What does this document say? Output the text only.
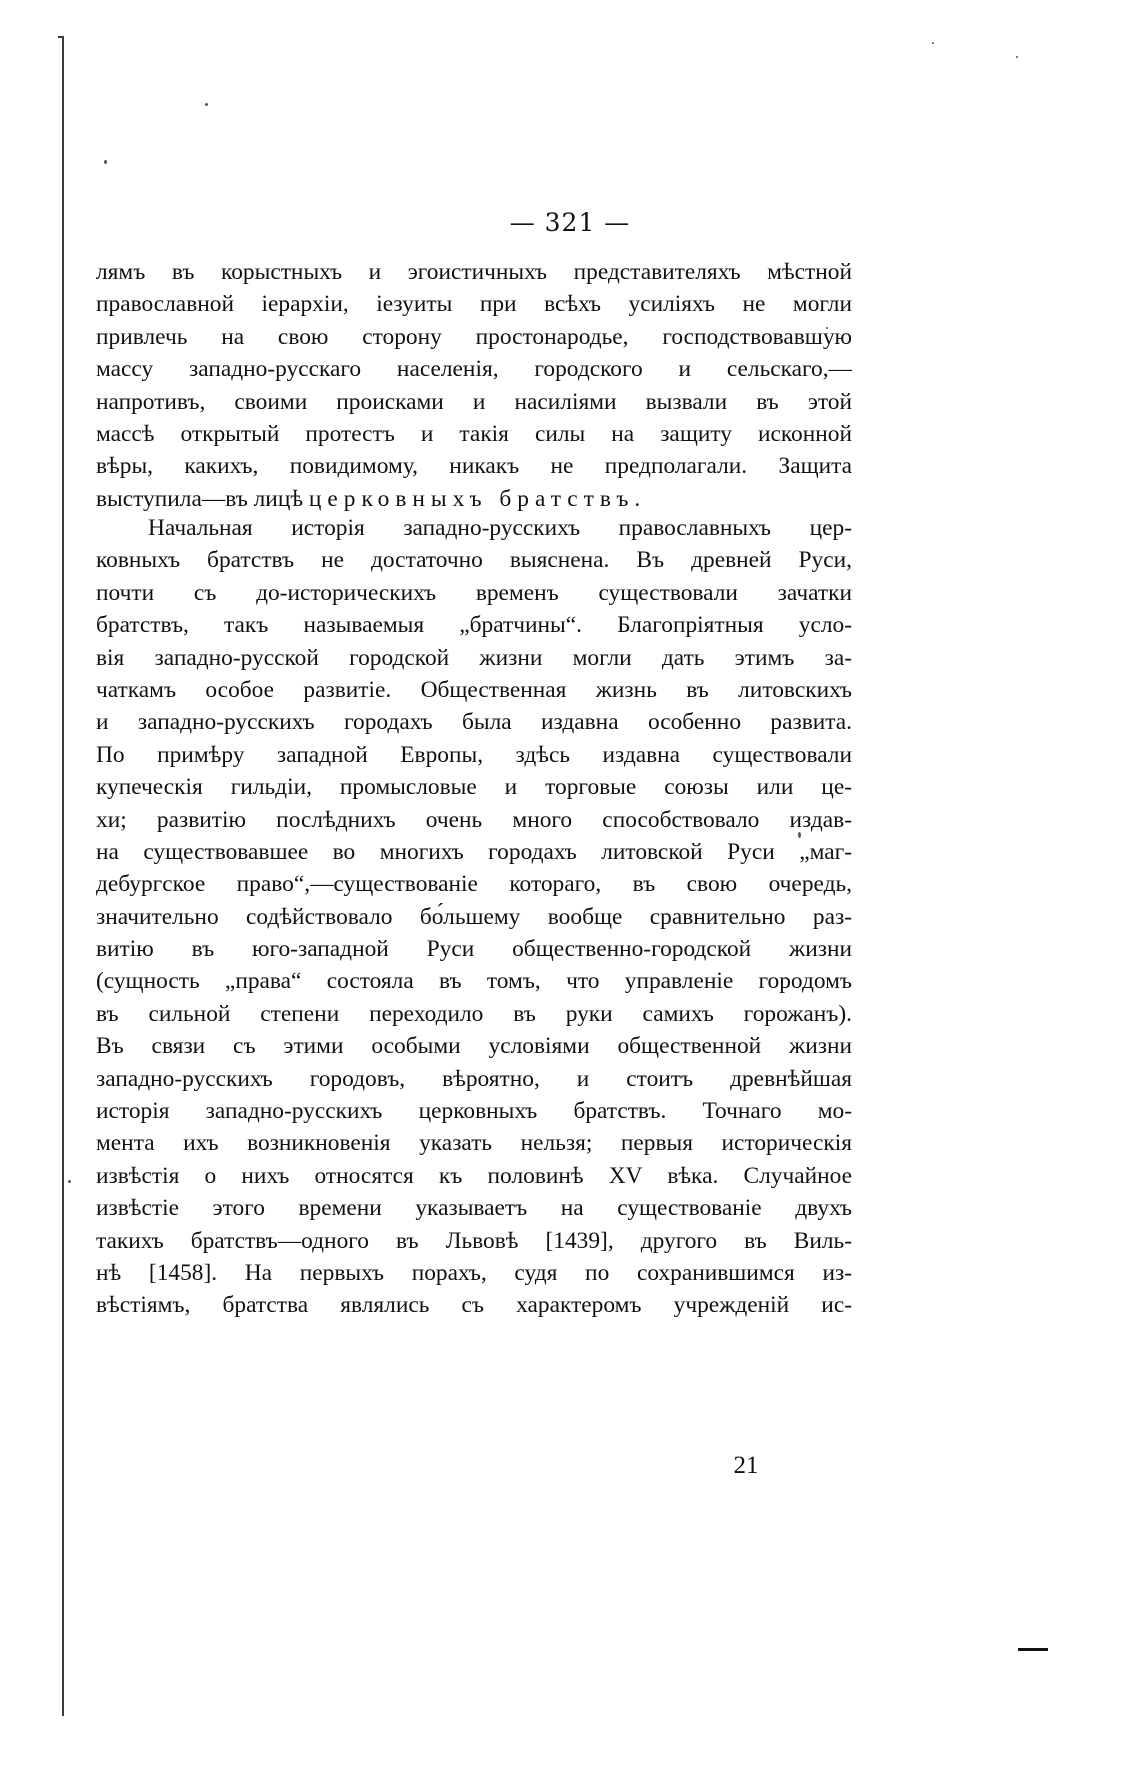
— 321 —
лямъ въ корыстныхъ и эгоистичныхъ представителяхъ мѣстной
православной іерархіи, іезуиты при всѣхъ усиліяхъ не могли
привлечь на свою сторону простонародье, господствовавшую
массу западно-русскаго населенія, городского и сельскаго,—
напротивъ, своими происками и насиліями вызвали въ этой
массѣ открытый протестъ и такія силы на защиту исконной
вѣры, какихъ, повидимому, никакъ не предполагали. Защита
выступила—въ лицѣ церковныхъ братствъ.
Начальная исторія западно-русскихъ православныхъ цер-
ковныхъ братствъ не достаточно выяснена. Въ древней Руси,
почти съ до-историческихъ временъ существовали зачатки
братствъ, такъ называемыя „братчины“. Благопріятныя усло-
вія западно-русской городской жизни могли дать этимъ за-
чаткамъ особое развитіе. Общественная жизнь въ литовскихъ
и западно-русскихъ городахъ была издавна особенно развита.
По примѣру западной Европы, здѣсь издавна существовали
купеческія гильдіи, промысловые и торговые союзы или це-
хи; развитію послѣднихъ очень много способствовало издав-
на существовавшее во многихъ городахъ литовской Руси „маг-
дебургское право“,—существованіе котораго, въ свою очередь,
значительно содѣйствовало бо́льшему вообще сравнительно раз-
витію въ юго-западной Руси общественно-городской жизни
(сущность „права“ состояла въ томъ, что управленіе городомъ
въ сильной степени переходило въ руки самихъ горожанъ).
Въ связи съ этими особыми условіями общественной жизни
западно-русскихъ городовъ, вѣроятно, и стоитъ древнѣйшая
исторія западно-русскихъ церковныхъ братствъ. Точнаго мо-
мента ихъ возникновенія указать нельзя; первыя историческія
извѣстія о нихъ относятся къ половинѣ XV вѣка. Случайное
извѣстіе этого времени указываетъ на существованіе двухъ
такихъ братствъ—одного въ Львовѣ [1439], другого въ Виль-
нѣ [1458]. На первыхъ порахъ, судя по сохранившимся из-
вѣстіямъ, братства являлись съ характеромъ учрежденій ис-
21
